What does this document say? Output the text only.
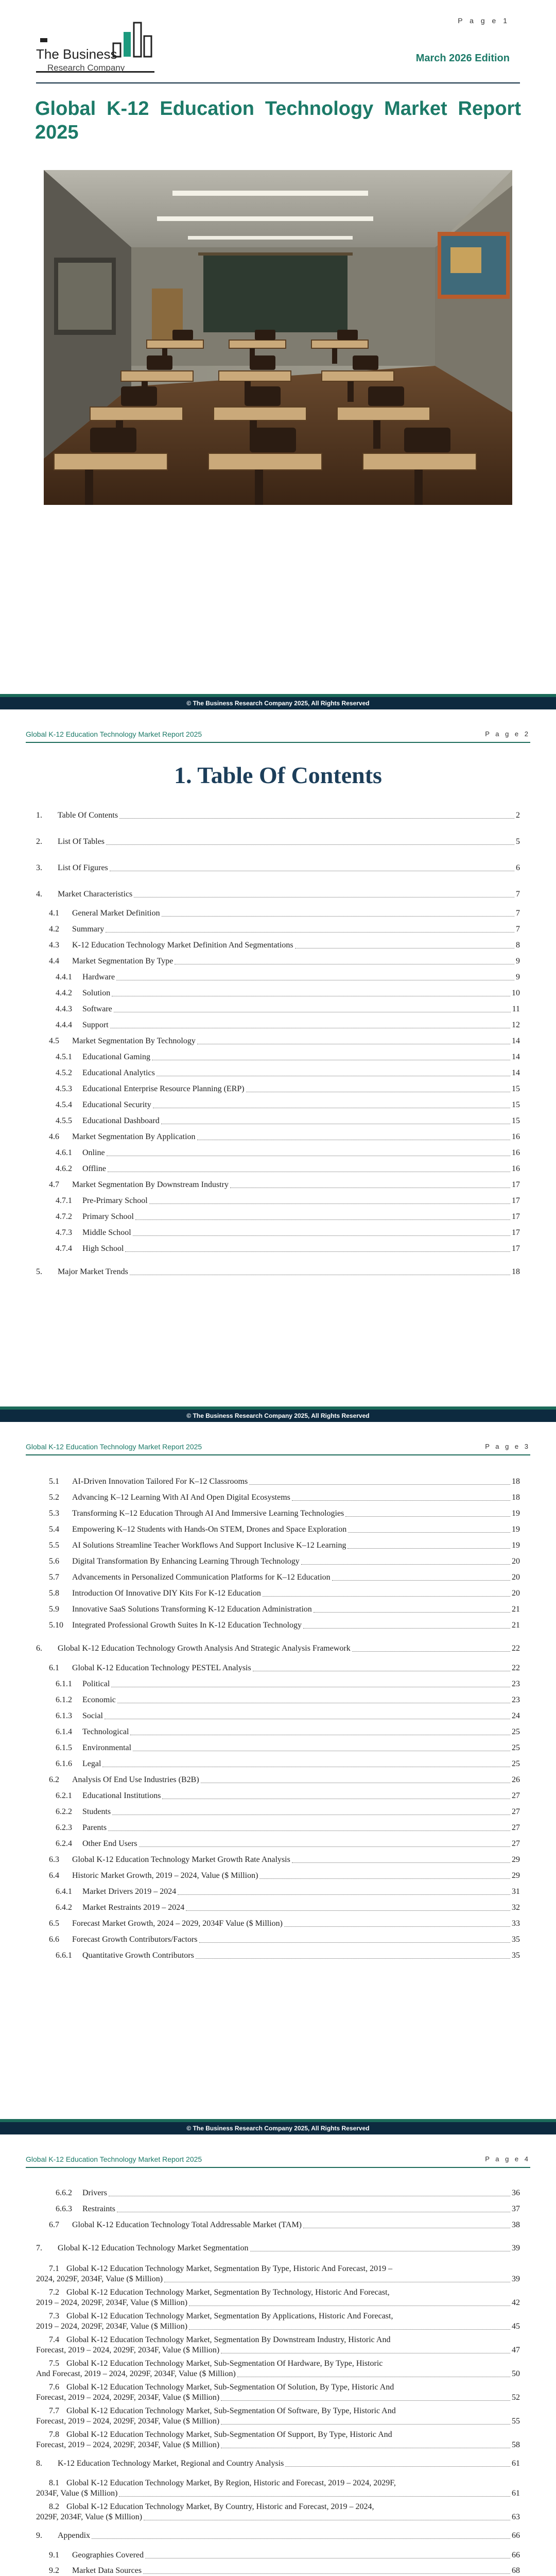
The Business
Research Company
P a g e 1
March 2026 Edition
Global K-12 Education Technology Market Report 2025
© The Business Research Company 2025, All Rights Reserved
Global K-12 Education Technology Market Report 2025	P a g e 2
1. Table Of Contents
1.	Table Of Contents	2
2.	List Of Tables	5
3.	List Of Figures	6
4.	Market Characteristics	7
4.1	General Market Definition	7
4.2	Summary	7
4.3	K-12 Education Technology Market Definition And Segmentations	8
4.4	Market Segmentation By Type	9
4.4.1	Hardware	9
4.4.2	Solution	10
4.4.3	Software	11
4.4.4	Support	12
4.5	Market Segmentation By Technology	14
4.5.1	Educational Gaming	14
4.5.2	Educational Analytics	14
4.5.3	Educational Enterprise Resource Planning (ERP)	15
4.5.4	Educational Security	15
4.5.5	Educational Dashboard	15
4.6	Market Segmentation By Application	16
4.6.1	Online	16
4.6.2	Offline	16
4.7	Market Segmentation By Downstream Industry	17
4.7.1	Pre-Primary School	17
4.7.2	Primary School	17
4.7.3	Middle School	17
4.7.4	High School	17
5.	Major Market Trends	18
© The Business Research Company 2025, All Rights Reserved
Global K-12 Education Technology Market Report 2025	P a g e 3
5.1	AI-Driven Innovation Tailored For K–12 Classrooms	18
5.2	Advancing K–12 Learning With AI And Open Digital Ecosystems	18
5.3	Transforming K–12 Education Through AI And Immersive Learning Technologies	19
5.4	Empowering K–12 Students with Hands-On STEM, Drones and Space Exploration	19
5.5	AI Solutions Streamline Teacher Workflows And Support Inclusive K–12 Learning	19
5.6	Digital Transformation By Enhancing Learning Through Technology	20
5.7	Advancements in Personalized Communication Platforms for K–12 Education	20
5.8	Introduction Of Innovative DIY Kits For K-12 Education	20
5.9	Innovative SaaS Solutions Transforming K-12 Education Administration	21
5.10	Integrated Professional Growth Suites In K-12 Education Technology	21
6.	Global K-12 Education Technology Growth Analysis And Strategic Analysis Framework	22
6.1	Global K-12 Education Technology PESTEL Analysis	22
6.1.1	Political	23
6.1.2	Economic	23
6.1.3	Social	24
6.1.4	Technological	25
6.1.5	Environmental	25
6.1.6	Legal	25
6.2	Analysis Of End Use Industries (B2B)	26
6.2.1	Educational Institutions	27
6.2.2	Students	27
6.2.3	Parents	27
6.2.4	Other End Users	27
6.3	Global K-12 Education Technology Market Growth Rate Analysis	29
6.4	Historic Market Growth, 2019 – 2024, Value ($ Million)	29
6.4.1	Market Drivers 2019 – 2024	31
6.4.2	Market Restraints 2019 – 2024	32
6.5	Forecast Market Growth, 2024 – 2029, 2034F Value ($ Million)	33
6.6	Forecast Growth Contributors/Factors	35
6.6.1	Quantitative Growth Contributors	35
© The Business Research Company 2025, All Rights Reserved
Global K-12 Education Technology Market Report 2025	P a g e 4
6.6.2	Drivers	36
6.6.3	Restraints	37
6.7	Global K-12 Education Technology Total Addressable Market (TAM)	38
7.	Global K-12 Education Technology Market Segmentation	39
7.1 Global K-12 Education Technology Market, Segmentation By Type, Historic And Forecast, 2019 –
2024, 2029F, 2034F, Value ($ Million)	39
7.2 Global K-12 Education Technology Market, Segmentation By Technology, Historic And Forecast,
2019 – 2024, 2029F, 2034F, Value ($ Million)	42
7.3 Global K-12 Education Technology Market, Segmentation By Applications, Historic And Forecast,
2019 – 2024, 2029F, 2034F, Value ($ Million)	45
7.4 Global K-12 Education Technology Market, Segmentation By Downstream Industry, Historic And
Forecast, 2019 – 2024, 2029F, 2034F, Value ($ Million)	47
7.5 Global K-12 Education Technology Market, Sub-Segmentation Of Hardware, By Type, Historic
And Forecast, 2019 – 2024, 2029F, 2034F, Value ($ Million)	50
7.6 Global K-12 Education Technology Market, Sub-Segmentation Of Solution, By Type, Historic And
Forecast, 2019 – 2024, 2029F, 2034F, Value ($ Million)	52
7.7 Global K-12 Education Technology Market, Sub-Segmentation Of Software, By Type, Historic And
Forecast, 2019 – 2024, 2029F, 2034F, Value ($ Million)	55
7.8 Global K-12 Education Technology Market, Sub-Segmentation Of Support, By Type, Historic And
Forecast, 2019 – 2024, 2029F, 2034F, Value ($ Million)	58
8.	K-12 Education Technology Market, Regional and Country Analysis	61
8.1 Global K-12 Education Technology Market, By Region, Historic and Forecast, 2019 – 2024, 2029F,
2034F, Value ($ Million)	61
8.2 Global K-12 Education Technology Market, By Country, Historic and Forecast, 2019 – 2024,
2029F, 2034F, Value ($ Million)	63
9.	Appendix	66
9.1	Geographies Covered	66
9.2	Market Data Sources	68
